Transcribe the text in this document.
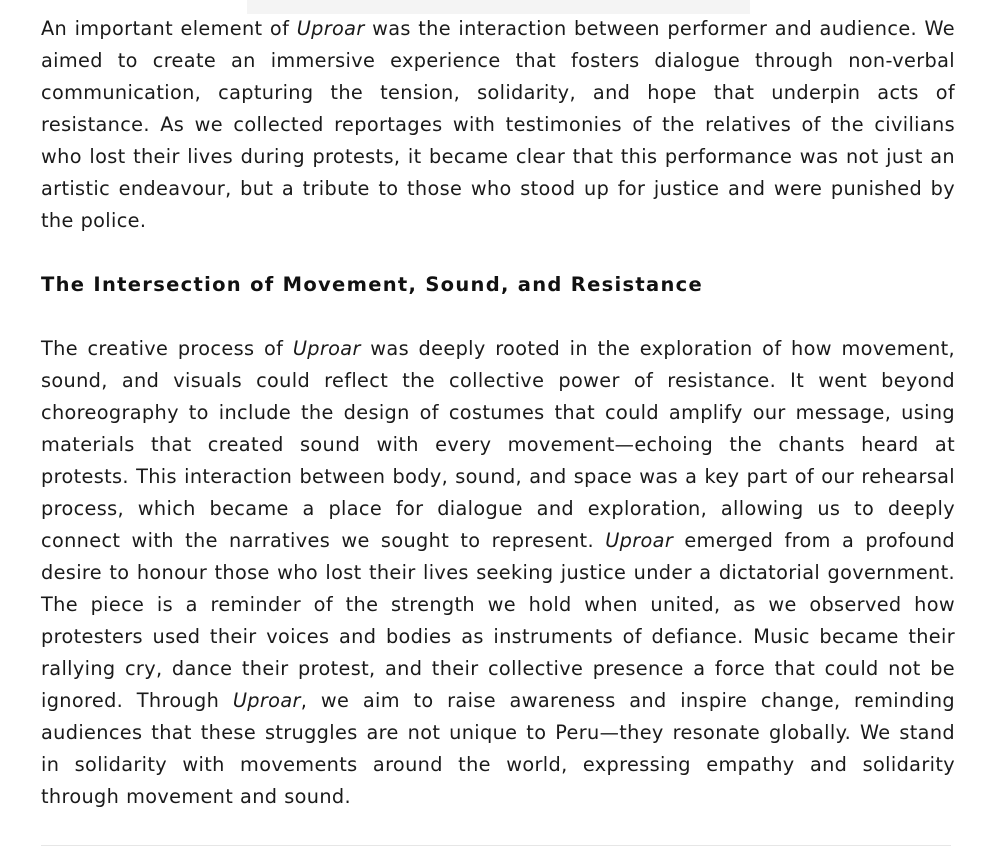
An important element of Uproar was the interaction between performer and audience. We aimed to create an immersive experience that fosters dialogue through non-verbal communication, capturing the tension, solidarity, and hope that underpin acts of resistance. As we collected reportages with testimonies of the relatives of the civilians who lost their lives during protests, it became clear that this performance was not just an artistic endeavour, but a tribute to those who stood up for justice and were punished by the police.

The Intersection of Movement, Sound, and Resistance

The creative process of Uproar was deeply rooted in the exploration of how movement, sound, and visuals could reflect the collective power of resistance. It went beyond choreography to include the design of costumes that could amplify our message, using materials that created sound with every movement—echoing the chants heard at protests. This interaction between body, sound, and space was a key part of our rehearsal process, which became a place for dialogue and exploration, allowing us to deeply connect with the narratives we sought to represent. Uproar emerged from a profound desire to honour those who lost their lives seeking justice under a dictatorial government. The piece is a reminder of the strength we hold when united, as we observed how protesters used their voices and bodies as instruments of defiance. Music became their rallying cry, dance their protest, and their collective presence a force that could not be ignored. Through Uproar, we aim to raise awareness and inspire change, reminding audiences that these struggles are not unique to Peru—they resonate globally. We stand in solidarity with movements around the world, expressing empathy and solidarity through movement and sound.
